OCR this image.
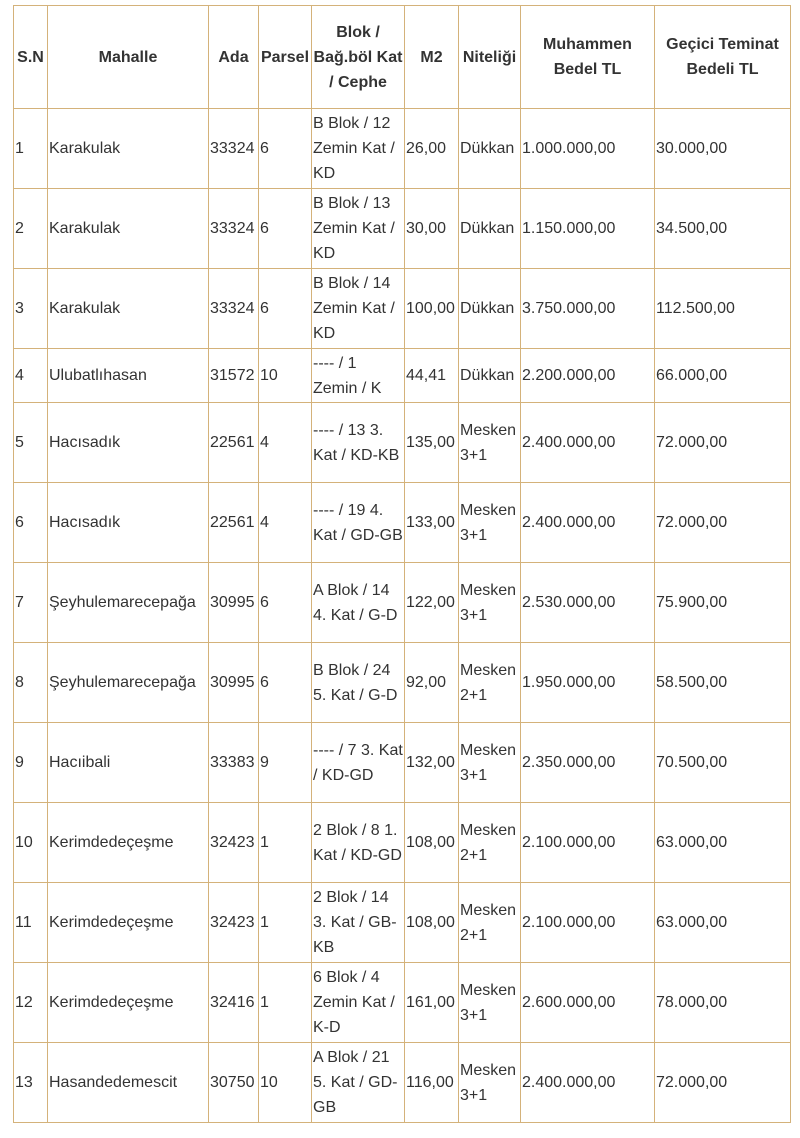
S.N	Mahalle	Ada	Parsel	Blok / Bağ.böl Kat / Cephe	M2	Niteliği	Muhammen Bedel TL	Geçici Teminat Bedeli TL
1	Karakulak	33324	6	B Blok / 12 Zemin Kat / KD	26,00	Dükkan	1.000.000,00	30.000,00
2	Karakulak	33324	6	B Blok / 13 Zemin Kat / KD	30,00	Dükkan	1.150.000,00	34.500,00
3	Karakulak	33324	6	B Blok / 14 Zemin Kat / KD	100,00	Dükkan	3.750.000,00	112.500,00
4	Ulubatlıhasan	31572	10	---- / 1 Zemin / K	44,41	Dükkan	2.200.000,00	66.000,00
5	Hacısadık	22561	4	---- / 13 3. Kat / KD-KB	135,00	Mesken 3+1	2.400.000,00	72.000,00
6	Hacısadık	22561	4	---- / 19 4. Kat / GD-GB	133,00	Mesken 3+1	2.400.000,00	72.000,00
7	Şeyhulemarecepağa	30995	6	A Blok / 14 4. Kat / G-D	122,00	Mesken 3+1	2.530.000,00	75.900,00
8	Şeyhulemarecepağa	30995	6	B Blok / 24 5. Kat / G-D	92,00	Mesken 2+1	1.950.000,00	58.500,00
9	Hacıibali	33383	9	---- / 7 3. Kat / KD-GD	132,00	Mesken 3+1	2.350.000,00	70.500,00
10	Kerimdedeçeşme	32423	1	2 Blok / 8 1. Kat / KD-GD	108,00	Mesken 2+1	2.100.000,00	63.000,00
11	Kerimdedeçeşme	32423	1	2 Blok / 14 3. Kat / GB-KB	108,00	Mesken 2+1	2.100.000,00	63.000,00
12	Kerimdedeçeşme	32416	1	6 Blok / 4 Zemin Kat / K-D	161,00	Mesken 3+1	2.600.000,00	78.000,00
13	Hasandedemescit	30750	10	A Blok / 21 5. Kat / GD-GB	116,00	Mesken 3+1	2.400.000,00	72.000,00
